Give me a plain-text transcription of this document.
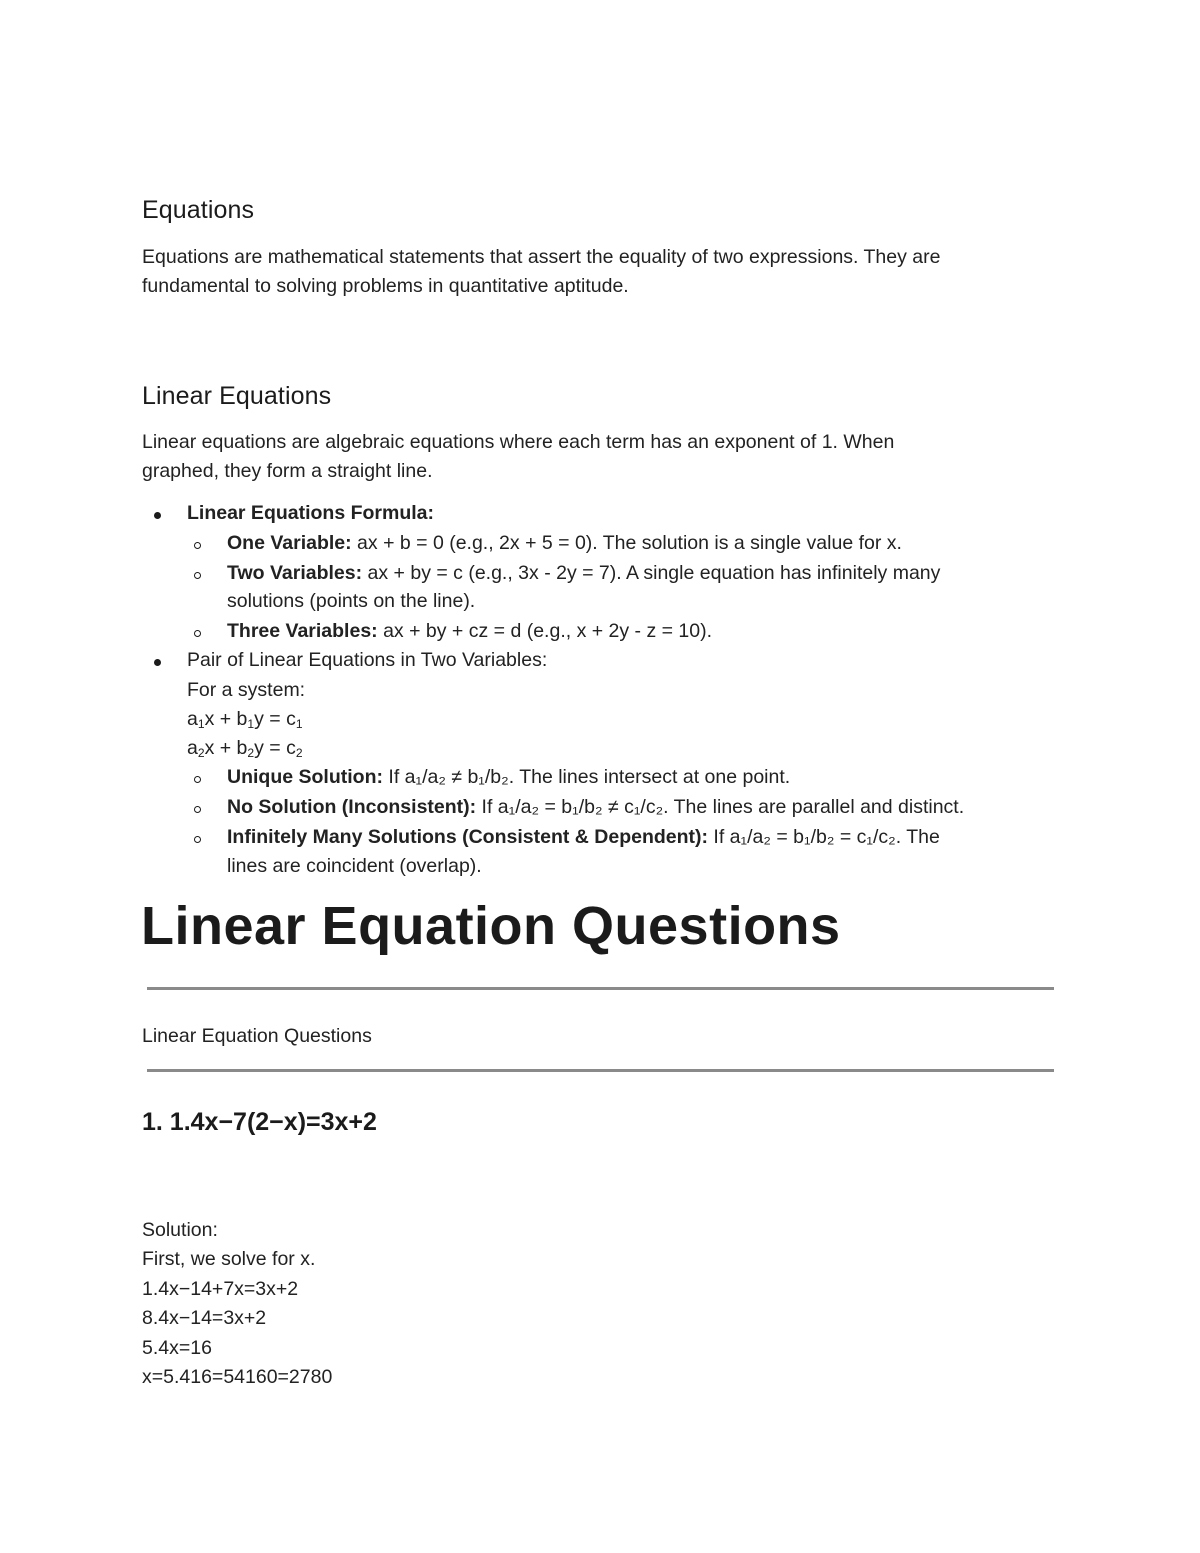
Equations
Equations are mathematical statements that assert the equality of two expressions. They are
fundamental to solving problems in quantitative aptitude.
Linear Equations
Linear equations are algebraic equations where each term has an exponent of 1. When
graphed, they form a straight line.
Linear Equations Formula:
One Variable: ax + b = 0 (e.g., 2x + 5 = 0). The solution is a single value for x.
Two Variables: ax + by = c (e.g., 3x - 2y = 7). A single equation has infinitely many
solutions (points on the line).
Three Variables: ax + by + cz = d (e.g., x + 2y - z = 10).
Pair of Linear Equations in Two Variables:
For a system:
$a_1x + b_1y = c_1$
$a_2x + b_2y = c_2$
Unique Solution: If a₁/a₂ ≠ b₁/b₂. The lines intersect at one point.
No Solution (Inconsistent): If a₁/a₂ = b₁/b₂ ≠ c₁/c₂. The lines are parallel and distinct.
Infinitely Many Solutions (Consistent & Dependent): If a₁/a₂ = b₁/b₂ = c₁/c₂. The
lines are coincident (overlap).
Linear Equation Questions
Linear Equation Questions
1. 1.4x−7(2−x)=3x+2
Solution:
First, we solve for x.
1.4x−14+7x=3x+2
8.4x−14=3x+2
5.4x=16
x=5.416=54160=2780
